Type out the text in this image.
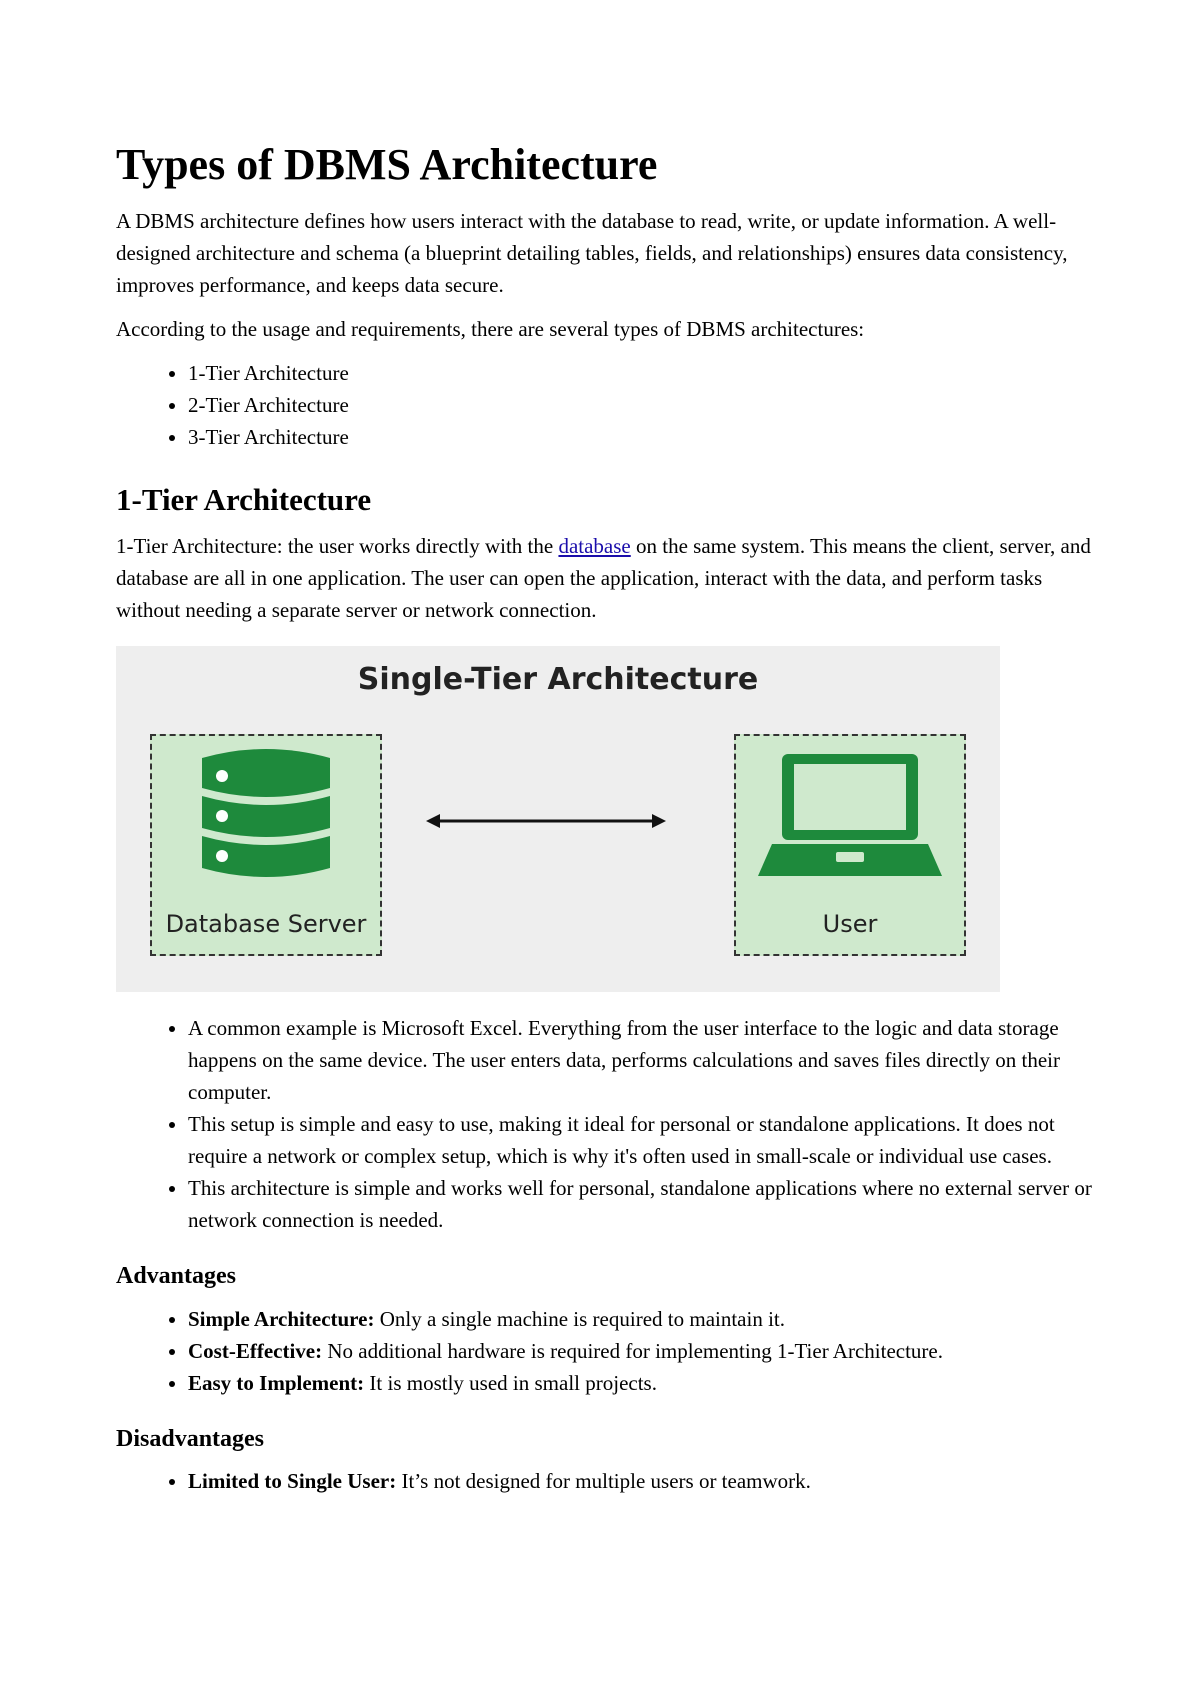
Types of DBMS Architecture

A DBMS architecture defines how users interact with the database to read, write, or update information. A well-designed architecture and schema (a blueprint detailing tables, fields, and relationships) ensures data consistency, improves performance, and keeps data secure.

According to the usage and requirements, there are several types of DBMS architectures:

• 1-Tier Architecture
• 2-Tier Architecture
• 3-Tier Architecture
1-Tier Architecture

1-Tier Architecture: the user works directly with the database on the same system. This means the client, server, and database are all in one application. The user can open the application, interact with the data, and perform tasks without needing a separate server or network connection.

Single-Tier Architecture
Database Server	User
• A common example is Microsoft Excel. Everything from the user interface to the logic and data storage happens on the same device. The user enters data, performs calculations and saves files directly on their computer.
• This setup is simple and easy to use, making it ideal for personal or standalone applications. It does not require a network or complex setup, which is why it's often used in small-scale or individual use cases.
• This architecture is simple and works well for personal, standalone applications where no external server or network connection is needed.
Advantages
• Simple Architecture: Only a single machine is required to maintain it.
• Cost-Effective: No additional hardware is required for implementing 1-Tier Architecture.
• Easy to Implement: It is mostly used in small projects.
Disadvantages
• Limited to Single User: It’s not designed for multiple users or teamwork.
